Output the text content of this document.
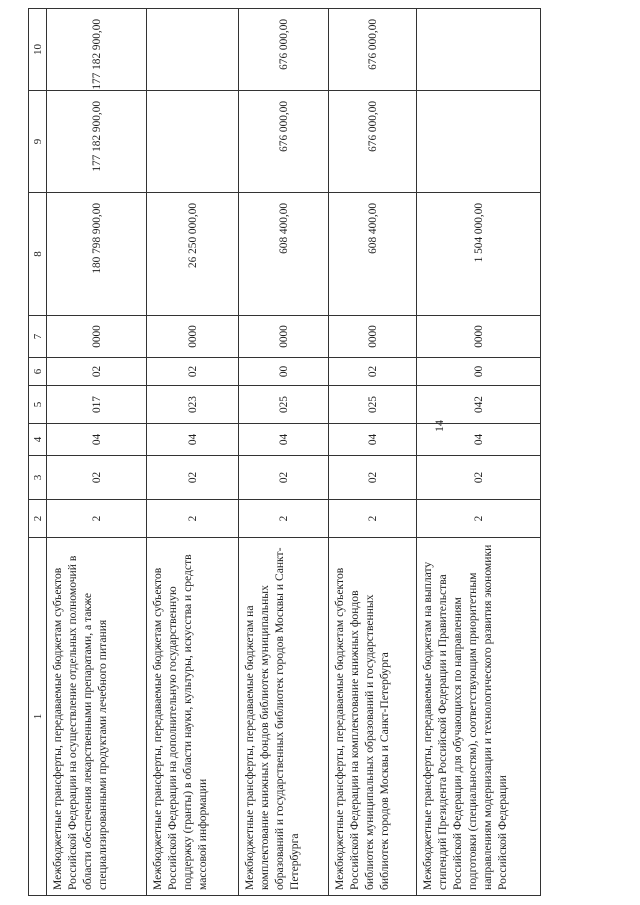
14
1	2	3	4	5	6	7	8	9	10
Межбюджетные трансферты, передаваемые бюджетам субъектов Российской Федерации на осуществление отдельных полномочий в области обеспечения лекарственными препаратами, а также специализированными продуктами лечебного питания	2	02	04	017	02	0000	180 798 900,00	177 182 900,00	177 182 900,00
Межбюджетные трансферты, передаваемые бюджетам субъектов Российской Федерации на дополнительную государственную поддержку (гранты) в области науки, культуры, искусства и средств массовой информации	2	02	04	023	02	0000	26 250 000,00		
Межбюджетные трансферты, передаваемые бюджетам на комплектование книжных фондов библиотек муниципальных образований и государственных библиотек городов Москвы и Санкт-Петербурга	2	02	04	025	00	0000	608 400,00	676 000,00	676 000,00
Межбюджетные трансферты, передаваемые бюджетам субъектов Российской Федерации на комплектование книжных фондов библиотек муниципальных образований и государственных библиотек городов Москвы и Санкт-Петербурга	2	02	04	025	02	0000	608 400,00	676 000,00	676 000,00
Межбюджетные трансферты, передаваемые бюджетам на выплату стипендий Президента Российской Федерации и Правительства Российской Федерации для обучающихся по направлениям подготовки (специальностям), соответствующим приоритетным направлениям модернизации и технологического развития экономики Российской Федерации	2	02	04	042	00	0000	1 504 000,00		
